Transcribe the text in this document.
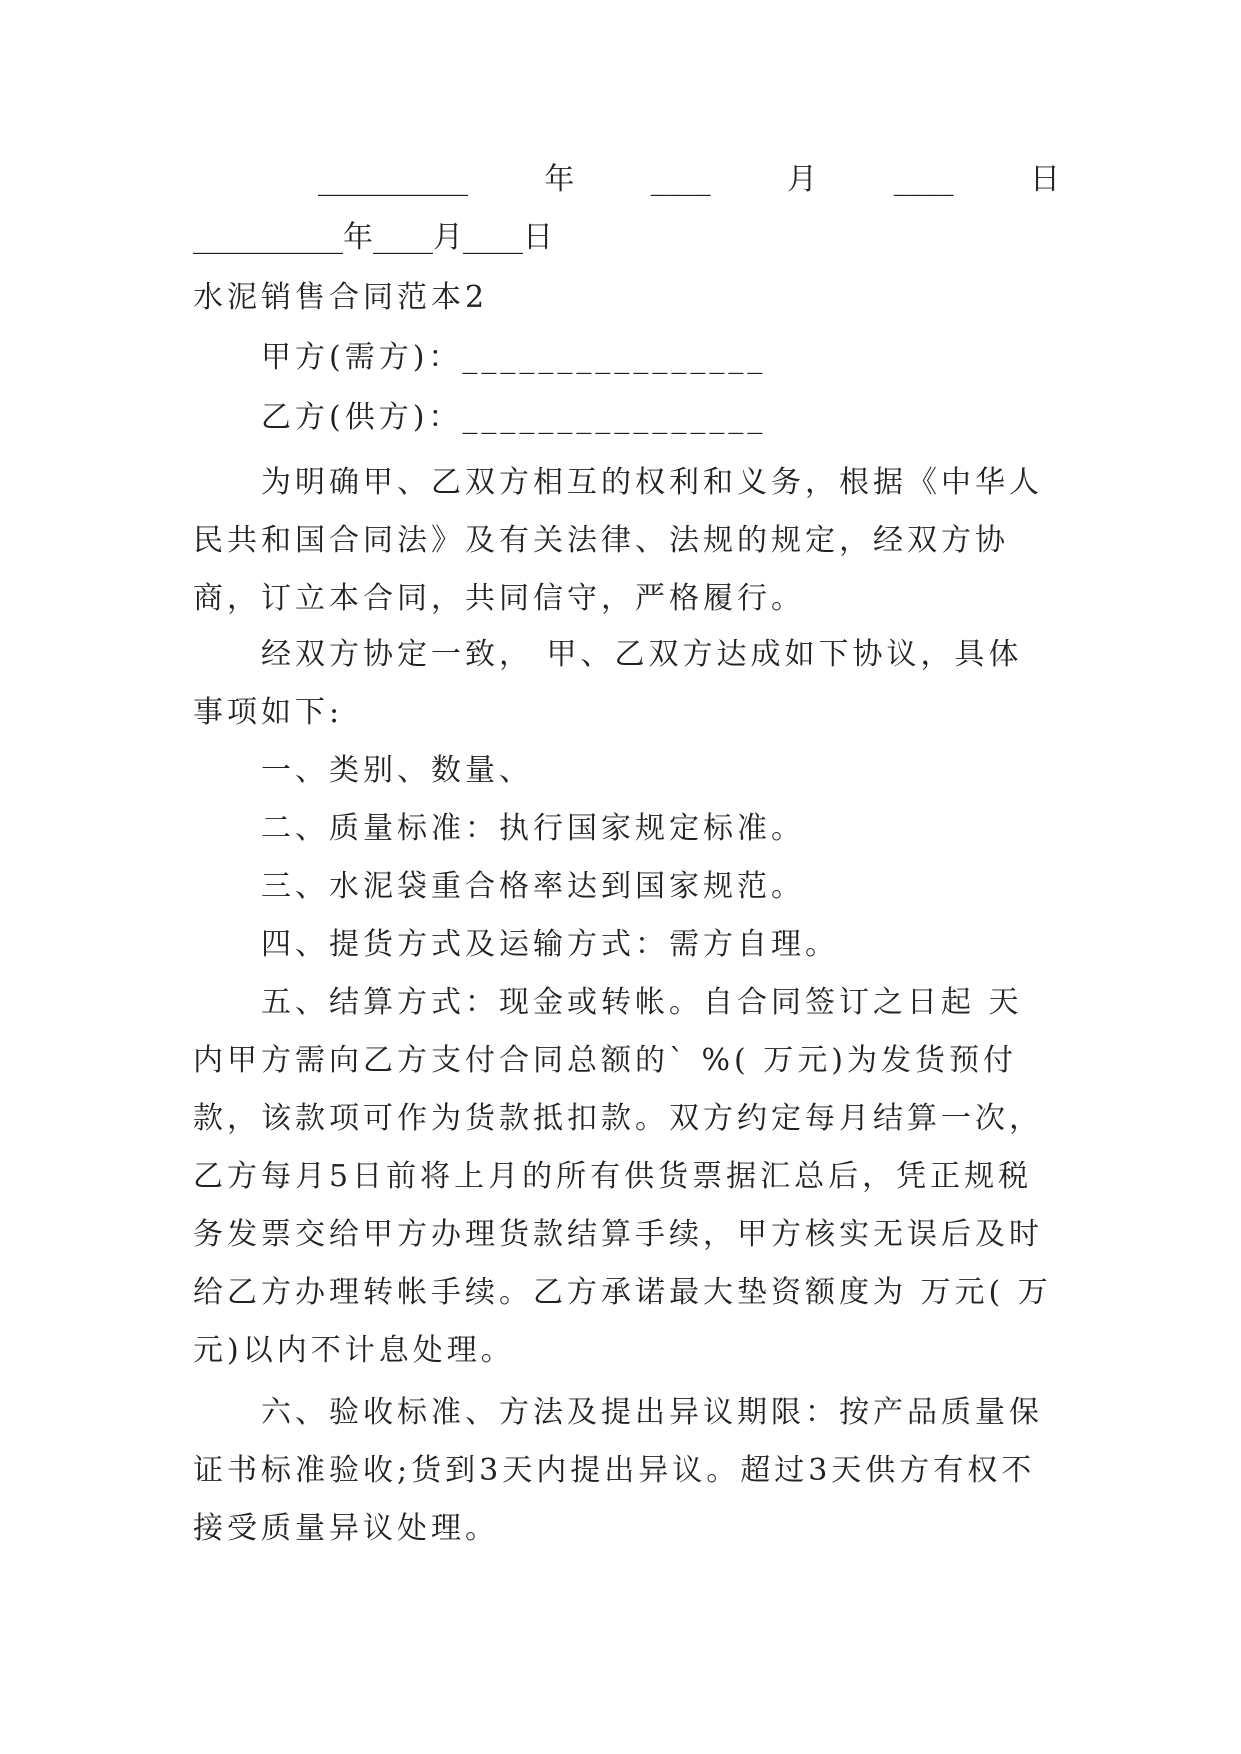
__________	年	____	月	____	日

__________年____月____日

水泥销售合同范本2

甲方(需方)：________________

乙方(供方)：________________

为明确甲、乙双方相互的权利和义务，根据《中华人民共和国合同法》及有关法律、法规的规定，经双方协商，订立本合同，共同信守，严格履行。

经双方协定一致， 甲、乙双方达成如下协议，具体事项如下:

一、类别、数量、

二、质量标准：执行国家规定标准。

三、水泥袋重合格率达到国家规范。

四、提货方式及运输方式：需方自理。

五、结算方式：现金或转帐。自合同签订之日起 天内甲方需向乙方支付合同总额的` %( 万元)为发货预付款，该款项可作为货款抵扣款。双方约定每月结算一次，乙方每月5日前将上月的所有供货票据汇总后，凭正规税务发票交给甲方办理货款结算手续，甲方核实无误后及时给乙方办理转帐手续。乙方承诺最大垫资额度为 万元( 万元)以内不计息处理。

六、验收标准、方法及提出异议期限：按产品质量保证书标准验收;货到3天内提出异议。超过3天供方有权不接受质量异议处理。
